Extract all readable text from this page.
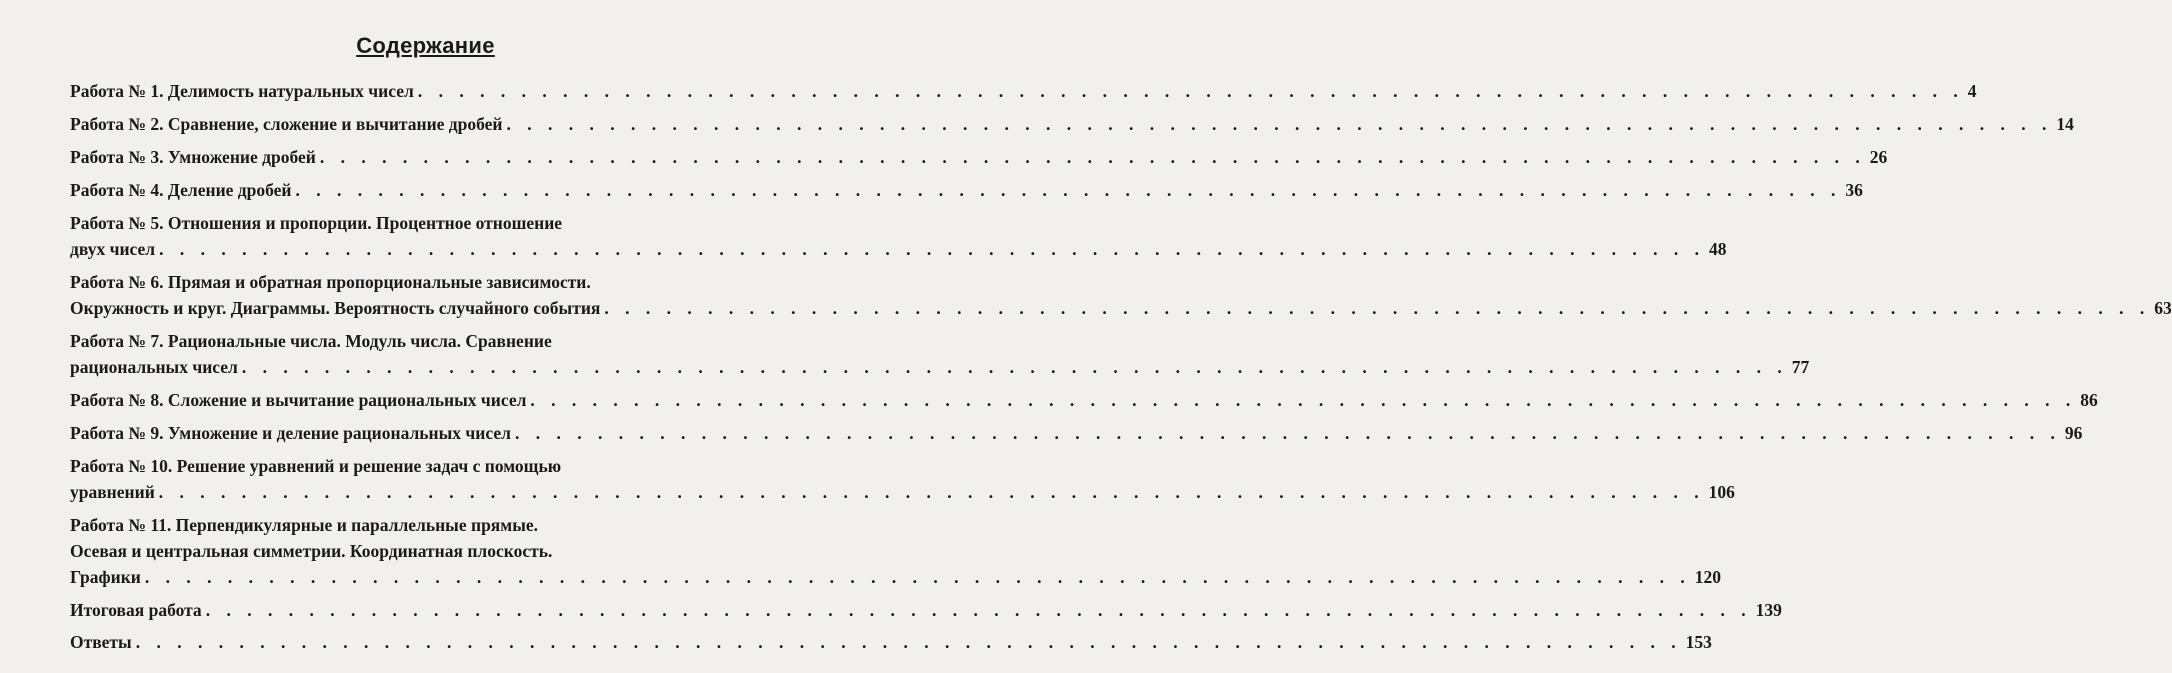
Содержание
Работа № 1. Делимость натуральных чисел . . . . . . . . . . . . . . . . . . . . . . . . . . . . . . . . . . . . . . . . . . . . . . . . . . . . . . . . . . . . . . . . . . . . . . . . . . . 4
Работа № 2. Сравнение, сложение и вычитание дробей . . . . . . . . . . . . . . . . . . . . . . . . . . . . . . . . . . . . . . . . . . . . . . . . . . . . . . . . . . . . . . . . . . . . . . . . . . . 14
Работа № 3. Умножение дробей . . . . . . . . . . . . . . . . . . . . . . . . . . . . . . . . . . . . . . . . . . . . . . . . . . . . . . . . . . . . . . . . . . . . . . . . . . . 26
Работа № 4. Деление дробей . . . . . . . . . . . . . . . . . . . . . . . . . . . . . . . . . . . . . . . . . . . . . . . . . . . . . . . . . . . . . . . . . . . . . . . . . . . 36
Работа № 5. Отношения и пропорции. Процентное отношение
двух чисел . . . . . . . . . . . . . . . . . . . . . . . . . . . . . . . . . . . . . . . . . . . . . . . . . . . . . . . . . . . . . . . . . . . . . . . . . . . 48
Работа № 6. Прямая и обратная пропорциональные зависимости.
Окружность и круг. Диаграммы. Вероятность случайного события . . . . . . . . . . . . . . . . . . . . . . . . . . . . . . . . . . . . . . . . . . . . . . . . . . . . . . . . . . . . . . . . . . . . . . . . . . . 63
Работа № 7. Рациональные числа. Модуль числа. Сравнение
рациональных чисел . . . . . . . . . . . . . . . . . . . . . . . . . . . . . . . . . . . . . . . . . . . . . . . . . . . . . . . . . . . . . . . . . . . . . . . . . . . 77
Работа № 8. Сложение и вычитание рациональных чисел . . . . . . . . . . . . . . . . . . . . . . . . . . . . . . . . . . . . . . . . . . . . . . . . . . . . . . . . . . . . . . . . . . . . . . . . . . . 86
Работа № 9. Умножение и деление рациональных чисел . . . . . . . . . . . . . . . . . . . . . . . . . . . . . . . . . . . . . . . . . . . . . . . . . . . . . . . . . . . . . . . . . . . . . . . . . . . 96
Работа № 10. Решение уравнений и решение задач с помощью
уравнений . . . . . . . . . . . . . . . . . . . . . . . . . . . . . . . . . . . . . . . . . . . . . . . . . . . . . . . . . . . . . . . . . . . . . . . . . . . 106
Работа № 11. Перпендикулярные и параллельные прямые.
Осевая и центральная симметрии. Координатная плоскость.
Графики . . . . . . . . . . . . . . . . . . . . . . . . . . . . . . . . . . . . . . . . . . . . . . . . . . . . . . . . . . . . . . . . . . . . . . . . . . . 120
Итоговая работа . . . . . . . . . . . . . . . . . . . . . . . . . . . . . . . . . . . . . . . . . . . . . . . . . . . . . . . . . . . . . . . . . . . . . . . . . . . 139
Ответы . . . . . . . . . . . . . . . . . . . . . . . . . . . . . . . . . . . . . . . . . . . . . . . . . . . . . . . . . . . . . . . . . . . . . . . . . . . 153
